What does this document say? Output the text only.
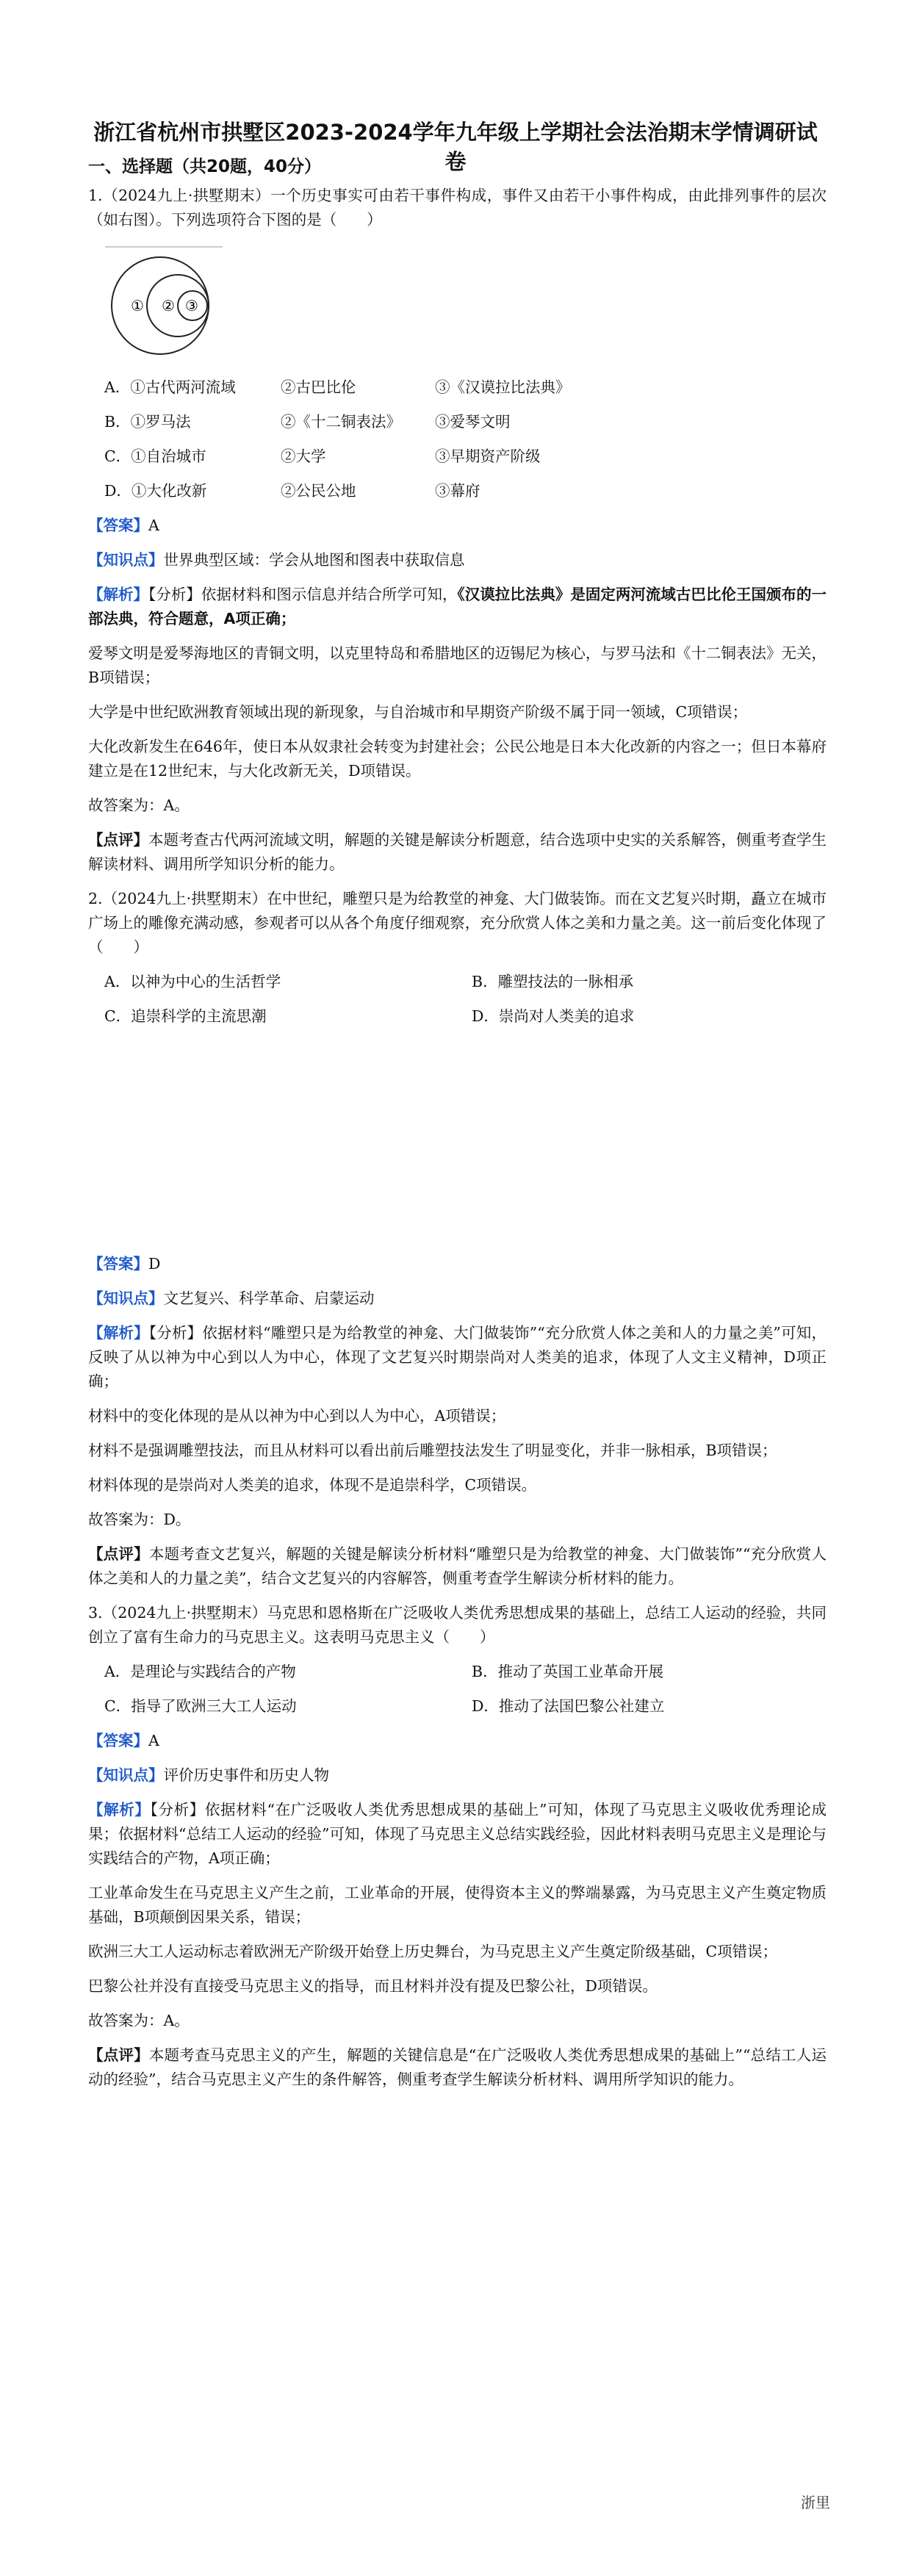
浙江省杭州市拱墅区2023-2024学年九年级上学期社会法治期末学情调研试卷
一、选择题（共20题，40分）

1.（2024九上·拱墅期末）一个历史事实可由若干事件构成，事件又由若干小事件构成，由此排列事件的层次（如右图）。下列选项符合下图的是（　　）

① ② ③
A．①古代两河流域	②古巴比伦	③《汉谟拉比法典》
B．①罗马法	②《十二铜表法》 ③爱琴文明
C．①自治城市	②大学	③早期资产阶级
D．①大化改新	②公民公地	③幕府

【答案】A

【知识点】世界典型区域：学会从地图和图表中获取信息

【解析】【分析】依据材料和图示信息并结合所学可知，《汉谟拉比法典》是固定两河流域古巴比伦王国颁布的一部法典，符合题意，A项正确；

爱琴文明是爱琴海地区的青铜文明，以克里特岛和希腊地区的迈锡尼为核心，与罗马法和《十二铜表法》无关，B项错误；

大学是中世纪欧洲教育领域出现的新现象，与自治城市和早期资产阶级不属于同一领域，C项错误；

大化改新发生在646年，使日本从奴隶社会转变为封建社会；公民公地是日本大化改新的内容之一；但日本幕府建立是在12世纪末，与大化改新无关，D项错误。

故答案为：A。

【点评】本题考查古代两河流域文明，解题的关键是解读分析题意，结合选项中史实的关系解答，侧重考查学生解读材料、调用所学知识分析的能力。

2.（2024九上·拱墅期末）在中世纪，雕塑只是为给教堂的神龛、大门做装饰。而在文艺复兴时期，矗立在城市广场上的雕像充满动感，参观者可以从各个角度仔细观察，充分欣赏人体之美和力量之美。这一前后变化体现了（　　）

A．以神为中心的生活哲学	B．雕塑技法的一脉相承
C．追崇科学的主流思潮	D．崇尚对人类美的追求

【答案】D

【知识点】文艺复兴、科学革命、启蒙运动

【解析】【分析】依据材料“雕塑只是为给教堂的神龛、大门做装饰”“充分欣赏人体之美和人的力量之美”可知，反映了从以神为中心到以人为中心，体现了文艺复兴时期崇尚对人类美的追求，体现了人文主义精神，D项正确；

材料中的变化体现的是从以神为中心到以人为中心，A项错误；

材料不是强调雕塑技法，而且从材料可以看出前后雕塑技法发生了明显变化，并非一脉相承，B项错误；

材料体现的是崇尚对人类美的追求，体现不是追崇科学，C项错误。

故答案为：D。

【点评】本题考查文艺复兴，解题的关键是解读分析材料“雕塑只是为给教堂的神龛、大门做装饰”“充分欣赏人体之美和人的力量之美”，结合文艺复兴的内容解答，侧重考查学生解读分析材料的能力。

3.（2024九上·拱墅期末）马克思和恩格斯在广泛吸收人类优秀思想成果的基础上，总结工人运动的经验，共同创立了富有生命力的马克思主义。这表明马克思主义（　　）

A．是理论与实践结合的产物	B．推动了英国工业革命开展
C．指导了欧洲三大工人运动	D．推动了法国巴黎公社建立

【答案】A

【知识点】评价历史事件和历史人物

【解析】【分析】依据材料“在广泛吸收人类优秀思想成果的基础上”可知，体现了马克思主义吸收优秀理论成果；依据材料“总结工人运动的经验”可知，体现了马克思主义总结实践经验，因此材料表明马克思主义是理论与实践结合的产物，A项正确；

工业革命发生在马克思主义产生之前，工业革命的开展，使得资本主义的弊端暴露，为马克思主义产生奠定物质基础，B项颠倒因果关系，错误；

欧洲三大工人运动标志着欧洲无产阶级开始登上历史舞台，为马克思主义产生奠定阶级基础，C项错误；

巴黎公社并没有直接受马克思主义的指导，而且材料并没有提及巴黎公社，D项错误。

故答案为：A。

【点评】本题考查马克思主义的产生，解题的关键信息是“在广泛吸收人类优秀思想成果的基础上”“总结工人运动的经验”，结合马克思主义产生的条件解答，侧重考查学生解读分析材料、调用所学知识的能力。

浙里
